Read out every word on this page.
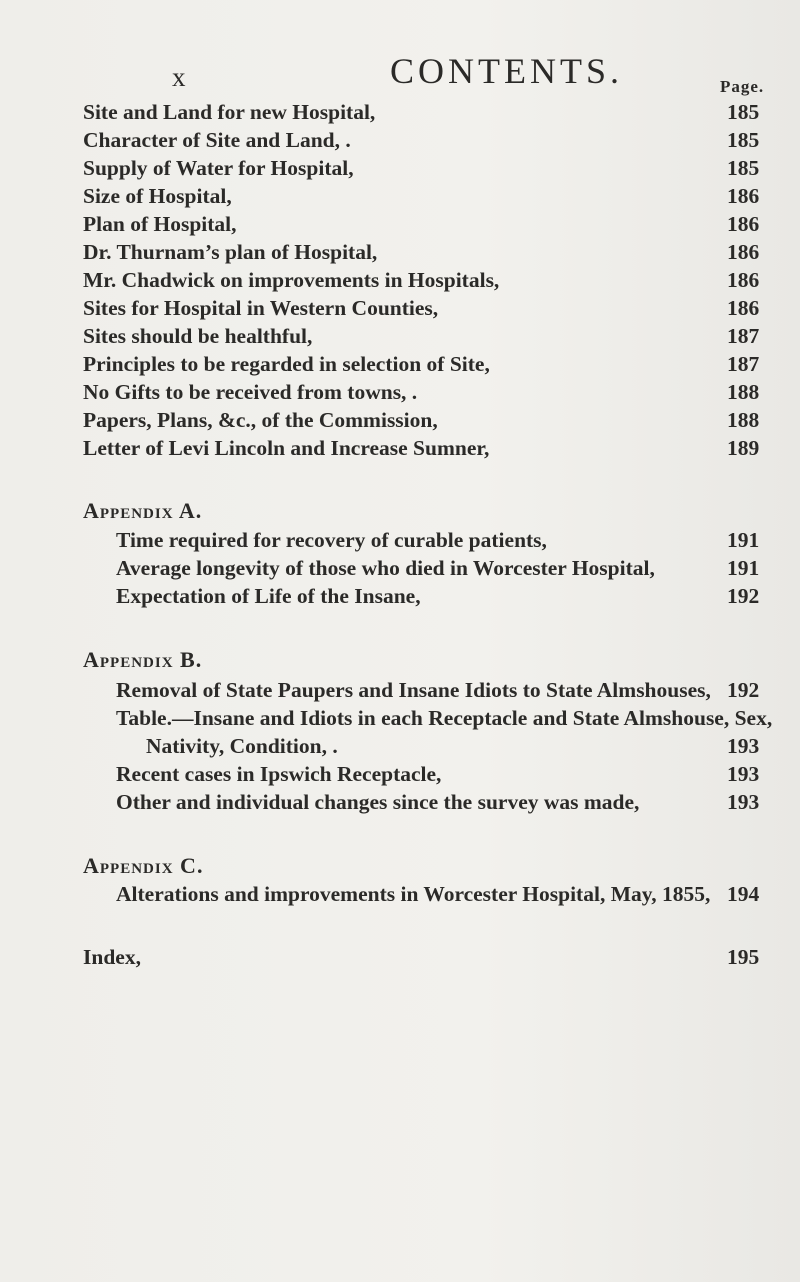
x	CONTENTS.	Page.
Site and Land for new Hospital,	185
Character of Site and Land, .	185
Supply of Water for Hospital,	185
Size of Hospital,	186
Plan of Hospital,	186
Dr. Thurnam’s plan of Hospital,	186
Mr. Chadwick on improvements in Hospitals,	186
Sites for Hospital in Western Counties,	186
Sites should be healthful,	187
Principles to be regarded in selection of Site,	187
No Gifts to be received from towns, .	188
Papers, Plans, &c., of the Commission,	188
Letter of Levi Lincoln and Increase Sumner,	189
Appendix A.
Time required for recovery of curable patients,	191
Average longevity of those who died in Worcester Hospital,	191
Expectation of Life of the Insane,	192
Appendix B.
Removal of State Paupers and Insane Idiots to State Almshouses, 192
Table.—Insane and Idiots in each Receptacle and State Almshouse, Sex,
Nativity, Condition, .	193
Recent cases in Ipswich Receptacle,	193
Other and individual changes since the survey was made,	193
Appendix C.
Alterations and improvements in Worcester Hospital, May, 1855, 194
Index,	195
